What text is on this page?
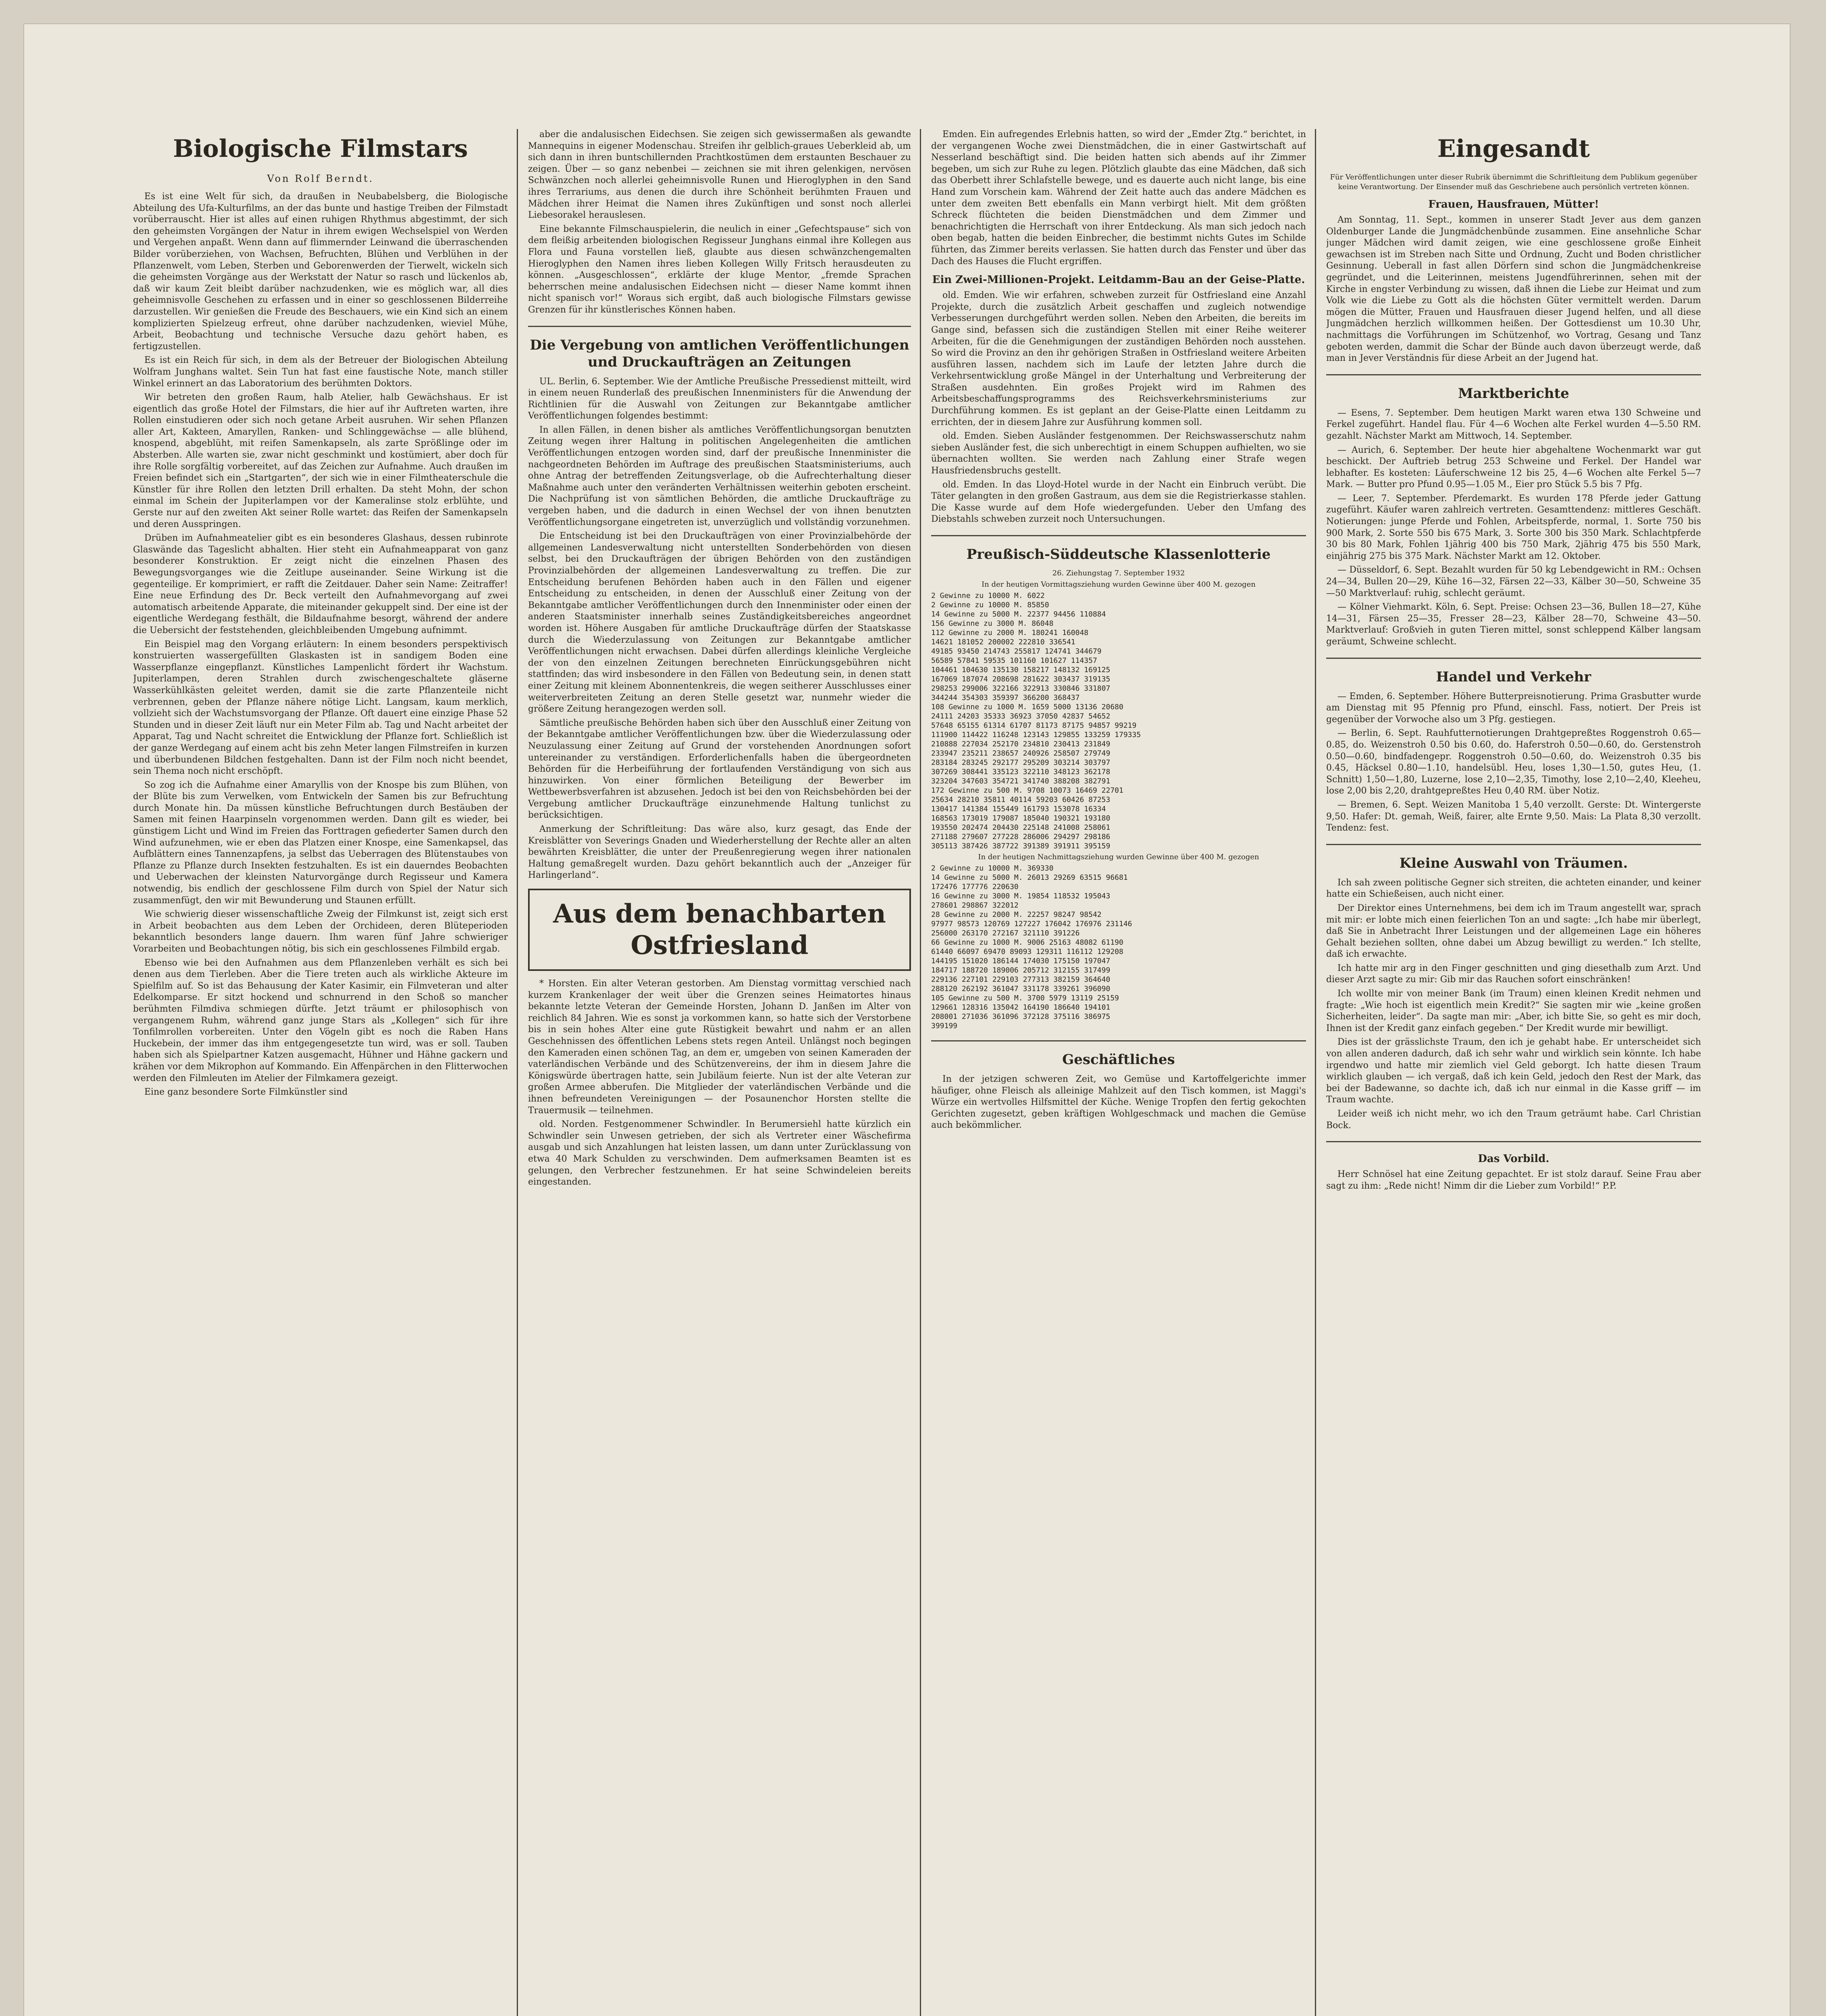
Biologische Filmstars
Von Rolf Berndt.

Es ist eine Welt für sich, da draußen in Neubabelsberg, die Biologische Abteilung des Ufa-Kulturfilms, an der das bunte und hastige Treiben der Filmstadt vorüberrauscht. Hier ist alles auf einen ruhigen Rhythmus abgestimmt, der sich den geheimsten Vorgängen der Natur in ihrem ewigen Wechselspiel von Werden und Vergehen anpaßt. Wenn dann auf flimmernder Leinwand die überraschenden Bilder vorüberziehen, von Wachsen, Befruchten, Blühen und Verblühen in der Pflanzenwelt, vom Leben, Sterben und Geborenwerden der Tierwelt, wickeln sich die geheimsten Vorgänge aus der Werkstatt der Natur so rasch und lückenlos ab, daß wir kaum Zeit bleibt darüber nachzudenken, wie es möglich war, all dies geheimnisvolle Geschehen zu erfassen und in einer so geschlossenen Bilderreihe darzustellen. Wir genießen die Freude des Beschauers, wie ein Kind sich an einem komplizierten Spielzeug erfreut, ohne darüber nachzudenken, wieviel Mühe, Arbeit, Beobachtung und technische Versuche dazu gehört haben, es fertigzustellen.

Es ist ein Reich für sich, in dem als der Betreuer der Biologischen Abteilung Wolfram Junghans waltet. Sein Tun hat fast eine faustische Note, manch stiller Winkel erinnert an das Laboratorium des berühmten Doktors.

Wir betreten den großen Raum, halb Atelier, halb Gewächshaus. Er ist eigentlich das große Hotel der Filmstars, die hier auf ihr Auftreten warten, ihre Rollen einstudieren oder sich noch getane Arbeit ausruhen. Wir sehen Pflanzen aller Art, Kakteen, Amaryllen, Ranken- und Schlinggewächse — alle blühend, knospend, abgeblüht, mit reifen Samenkapseln, als zarte Sprößlinge oder im Absterben. Alle warten sie, zwar nicht geschminkt und kostümiert, aber doch für ihre Rolle sorgfältig vorbereitet, auf das Zeichen zur Aufnahme. Auch draußen im Freien befindet sich ein „Startgarten“, der sich wie in einer Filmtheaterschule die Künstler für ihre Rollen den letzten Drill erhalten. Da steht Mohn, der schon einmal im Schein der Jupiterlampen vor der Kameralinse stolz erblühte, und Gerste nur auf den zweiten Akt seiner Rolle wartet: das Reifen der Samenkapseln und deren Ausspringen.

Drüben im Aufnahmeatelier gibt es ein besonderes Glashaus, dessen rubinrote Glaswände das Tageslicht abhalten. Hier steht ein Aufnahmeapparat von ganz besonderer Konstruktion. Er zeigt nicht die einzelnen Phasen des Bewegungsvorganges wie die Zeitlupe auseinander. Seine Wirkung ist die gegenteilige. Er komprimiert, er rafft die Zeitdauer. Daher sein Name: Zeitraffer! Eine neue Erfindung des Dr. Beck verteilt den Aufnahmevorgang auf zwei automatisch arbeitende Apparate, die miteinander gekuppelt sind. Der eine ist der eigentliche Werdegang festhält, die Bildaufnahme besorgt, während der andere die Uebersicht der feststehenden, gleichbleibenden Umgebung aufnimmt.

Ein Beispiel mag den Vorgang erläutern: In einem besonders perspektivisch konstruierten wassergefüllten Glaskasten ist in sandigem Boden eine Wasserpflanze eingepflanzt. Künstliches Lampenlicht fördert ihr Wachstum. Jupiterlampen, deren Strahlen durch zwischengeschaltete gläserne Wasserkühlkästen geleitet werden, damit sie die zarte Pflanzenteile nicht verbrennen, geben der Pflanze nähere nötige Licht. Langsam, kaum merklich, vollzieht sich der Wachstumsvorgang der Pflanze. Oft dauert eine einzige Phase 52 Stunden und in dieser Zeit läuft nur ein Meter Film ab. Tag und Nacht arbeitet der Apparat, Tag und Nacht schreitet die Entwicklung der Pflanze fort. Schließlich ist der ganze Werdegang auf einem acht bis zehn Meter langen Filmstreifen in kurzen und überbundenen Bildchen festgehalten. Dann ist der Film noch nicht beendet, sein Thema noch nicht erschöpft.

So zog ich die Aufnahme einer Amaryllis von der Knospe bis zum Blühen, von der Blüte bis zum Verwelken, vom Entwickeln der Samen bis zur Befruchtung durch Monate hin. Da müssen künstliche Befruchtungen durch Bestäuben der Samen mit feinen Haarpinseln vorgenommen werden. Dann gilt es wieder, bei günstigem Licht und Wind im Freien das Forttragen gefiederter Samen durch den Wind aufzunehmen, wie er eben das Platzen einer Knospe, eine Samenkapsel, das Aufblättern eines Tannenzapfens, ja selbst das Ueberragen des Blütenstaubes von Pflanze zu Pflanze durch Insekten festzuhalten. Es ist ein dauerndes Beobachten und Ueberwachen der kleinsten Naturvorgänge durch Regisseur und Kamera notwendig, bis endlich der geschlossene Film durch von Spiel der Natur sich zusammenfügt, den wir mit Bewunderung und Staunen erfüllt.

Wie schwierig dieser wissenschaftliche Zweig der Filmkunst ist, zeigt sich erst in Arbeit beobachten aus dem Leben der Orchideen, deren Blüteperioden bekanntlich besonders lange dauern. Ihm waren fünf Jahre schwieriger Vorarbeiten und Beobachtungen nötig, bis sich ein geschlossenes Filmbild ergab.

Ebenso wie bei den Aufnahmen aus dem Pflanzenleben verhält es sich bei denen aus dem Tierleben. Aber die Tiere treten auch als wirkliche Akteure im Spielfilm auf. So ist das Behausung der Kater Kasimir, ein Filmveteran und alter Edelkomparse. Er sitzt hockend und schnurrend in den Schoß so mancher berühmten Filmdiva schmiegen dürfte. Jetzt träumt er philosophisch von vergangenem Ruhm, während ganz junge Stars als „Kollegen“ sich für ihre Tonfilmrollen vorbereiten. Unter den Vögeln gibt es noch die Raben Hans Huckebein, der immer das ihm entgegengesetzte tun wird, was er soll. Tauben haben sich als Spielpartner Katzen ausgemacht, Hühner und Hähne gackern und krähen vor dem Mikrophon auf Kommando. Ein Affenpärchen in den Flitterwochen werden den Filmleuten im Atelier der Filmkamera gezeigt.

Eine ganz besondere Sorte Filmkünstler sind

aber die andalusischen Eidechsen. Sie zeigen sich gewissermaßen als gewandte Mannequins in eigener Modenschau. Streifen ihr gelblich-graues Ueberkleid ab, um sich dann in ihren buntschillernden Prachtkostümen dem erstaunten Beschauer zu zeigen. Über — so ganz nebenbei — zeichnen sie mit ihren gelenkigen, nervösen Schwänzchen noch allerlei geheimnisvolle Runen und Hieroglyphen in den Sand ihres Terrariums, aus denen die durch ihre Schönheit berühmten Frauen und Mädchen ihrer Heimat die Namen ihres Zukünftigen und sonst noch allerlei Liebesorakel herauslesen.

Eine bekannte Filmschauspielerin, die neulich in einer „Gefechtspause“ sich von dem fleißig arbeitenden biologischen Regisseur Junghans einmal ihre Kollegen aus Flora und Fauna vorstellen ließ, glaubte aus diesen schwänzchengemalten Hieroglyphen den Namen ihres lieben Kollegen Willy Fritsch herausdeuten zu können. „Ausgeschlossen“, erklärte der kluge Mentor, „fremde Sprachen beherrschen meine andalusischen Eidechsen nicht — dieser Name kommt ihnen nicht spanisch vor!“ Woraus sich ergibt, daß auch biologische Filmstars gewisse Grenzen für ihr künstlerisches Können haben.

Die Vergebung von amtlichen Veröffentlichungen und Druckaufträgen an Zeitungen

UL. Berlin, 6. September. Wie der Amtliche Preußische Pressedienst mitteilt, wird in einem neuen Runderlaß des preußischen Innenministers für die Anwendung der Richtlinien für die Auswahl von Zeitungen zur Bekanntgabe amtlicher Veröffentlichungen folgendes bestimmt:

In allen Fällen, in denen bisher als amtliches Veröffentlichungsorgan benutzten Zeitung wegen ihrer Haltung in politischen Angelegenheiten die amtlichen Veröffentlichungen entzogen worden sind, darf der preußische Innenminister die nachgeordneten Behörden im Auftrage des preußischen Staatsministeriums, auch ohne Antrag der betreffenden Zeitungsverlage, ob die Aufrechterhaltung dieser Maßnahme auch unter den veränderten Verhältnissen weiterhin geboten erscheint. Die Nachprüfung ist von sämtlichen Behörden, die amtliche Druckaufträge zu vergeben haben, und die dadurch in einen Wechsel der von ihnen benutzten Veröffentlichungsorgane eingetreten ist, unverzüglich und vollständig vorzunehmen.

Die Entscheidung ist bei den Druckaufträgen von einer Provinzialbehörde der allgemeinen Landesverwaltung nicht unterstellten Sonderbehörden von diesen selbst, bei den Druckaufträgen der übrigen Behörden von den zuständigen Provinzialbehörden der allgemeinen Landesverwaltung zu treffen. Die zur Entscheidung berufenen Behörden haben auch in den Fällen und eigener Entscheidung zu entscheiden, in denen der Ausschluß einer Zeitung von der Bekanntgabe amtlicher Veröffentlichungen durch den Innenminister oder einen der anderen Staatsminister innerhalb seines Zuständigkeitsbereiches angeordnet worden ist. Höhere Ausgaben für amtliche Druckaufträge dürfen der Staatskasse durch die Wiederzulassung von Zeitungen zur Bekanntgabe amtlicher Veröffentlichungen nicht erwachsen. Dabei dürfen allerdings kleinliche Vergleiche der von den einzelnen Zeitungen berechneten Einrückungsgebühren nicht stattfinden; das wird insbesondere in den Fällen von Bedeutung sein, in denen statt einer Zeitung mit kleinem Abonnentenkreis, die wegen seitherer Ausschlusses einer weiterverbreiteten Zeitung an deren Stelle gesetzt war, nunmehr wieder die größere Zeitung herangezogen werden soll.

Sämtliche preußische Behörden haben sich über den Ausschluß einer Zeitung von der Bekanntgabe amtlicher Veröffentlichungen bzw. über die Wiederzulassung oder Neuzulassung einer Zeitung auf Grund der vorstehenden Anordnungen sofort untereinander zu verständigen. Erforderlichenfalls haben die übergeordneten Behörden für die Herbeiführung der fortlaufenden Verständigung von sich aus hinzuwirken. Von einer förmlichen Beteiligung der Bewerber im Wettbewerbsverfahren ist abzusehen. Jedoch ist bei den von Reichsbehörden bei der Vergebung amtlicher Druckaufträge einzunehmende Haltung tunlichst zu berücksichtigen.

Anmerkung der Schriftleitung: Das wäre also, kurz gesagt, das Ende der Kreisblätter von Severings Gnaden und Wiederherstellung der Rechte aller an alten bewährten Kreisblätter, die unter der Preußenregierung wegen ihrer nationalen Haltung gemaßregelt wurden. Dazu gehört bekanntlich auch der „Anzeiger für Harlingerland“.

Aus dem benachbarten Ostfriesland

* Horsten. Ein alter Veteran gestorben. Am Dienstag vormittag verschied nach kurzem Krankenlager der weit über die Grenzen seines Heimatortes hinaus bekannte letzte Veteran der Gemeinde Horsten, Johann D. Janßen im Alter von reichlich 84 Jahren. Wie es sonst ja vorkommen kann, so hatte sich der Verstorbene bis in sein hohes Alter eine gute Rüstigkeit bewahrt und nahm er an allen Geschehnissen des öffentlichen Lebens stets regen Anteil. Unlängst noch begingen den Kameraden einen schönen Tag, an dem er, umgeben von seinen Kameraden der vaterländischen Verbände und des Schützenvereins, der ihm in diesem Jahre die Königswürde übertragen hatte, sein Jubiläum feierte. Nun ist der alte Veteran zur großen Armee abberufen. Die Mitglieder der vaterländischen Verbände und die ihnen befreundeten Vereinigungen — der Posaunenchor Horsten stellte die Trauermusik — teilnehmen.

old. Norden. Festgenommener Schwindler. In Berumersiehl hatte kürzlich ein Schwindler sein Unwesen getrieben, der sich als Vertreter einer Wäschefirma ausgab und sich Anzahlungen hat leisten lassen, um dann unter Zurücklassung von etwa 40 Mark Schulden zu verschwinden. Dem aufmerksamen Beamten ist es gelungen, den Verbrecher festzunehmen. Er hat seine Schwindeleien bereits eingestanden.

Emden. Ein aufregendes Erlebnis hatten, so wird der „Emder Ztg.“ berichtet, in der vergangenen Woche zwei Dienstmädchen, die in einer Gastwirtschaft auf Nesserland beschäftigt sind. Die beiden hatten sich abends auf ihr Zimmer begeben, um sich zur Ruhe zu legen. Plötzlich glaubte das eine Mädchen, daß sich das Oberbett ihrer Schlafstelle bewege, und es dauerte auch nicht lange, bis eine Hand zum Vorschein kam. Während der Zeit hatte auch das andere Mädchen es unter dem zweiten Bett ebenfalls ein Mann verbirgt hielt. Mit dem größten Schreck flüchteten die beiden Dienstmädchen und dem Zimmer und benachrichtigten die Herrschaft von ihrer Entdeckung. Als man sich jedoch nach oben begab, hatten die beiden Einbrecher, die bestimmt nichts Gutes im Schilde führten, das Zimmer bereits verlassen. Sie hatten durch das Fenster und über das Dach des Hauses die Flucht ergriffen.

Ein Zwei-Millionen-Projekt. Leitdamm-Bau an der Geise-Platte.

old. Emden. Wie wir erfahren, schweben zurzeit für Ostfriesland eine Anzahl Projekte, durch die zusätzlich Arbeit geschaffen und zugleich notwendige Verbesserungen durchgeführt werden sollen. Neben den Arbeiten, die bereits im Gange sind, befassen sich die zuständigen Stellen mit einer Reihe weiterer Arbeiten, für die die Genehmigungen der zuständigen Behörden noch ausstehen. So wird die Provinz an den ihr gehörigen Straßen in Ostfriesland weitere Arbeiten ausführen lassen, nachdem sich im Laufe der letzten Jahre durch die Verkehrsentwicklung große Mängel in der Unterhaltung und Verbreiterung der Straßen ausdehnten. Ein großes Projekt wird im Rahmen des Arbeitsbeschaffungsprogramms des Reichsverkehrsministeriums zur Durchführung kommen. Es ist geplant an der Geise-Platte einen Leitdamm zu errichten, der in diesem Jahre zur Ausführung kommen soll.

old. Emden. Sieben Ausländer festgenommen. Der Reichswasserschutz nahm sieben Ausländer fest, die sich unberechtigt in einem Schuppen aufhielten, wo sie übernachten wollten. Sie werden nach Zahlung einer Strafe wegen Hausfriedensbruchs gestellt.

old. Emden. In das Lloyd-Hotel wurde in der Nacht ein Einbruch verübt. Die Täter gelangten in den großen Gastraum, aus dem sie die Registrierkasse stahlen. Die Kasse wurde auf dem Hofe wiedergefunden. Ueber den Umfang des Diebstahls schweben zurzeit noch Untersuchungen.

Preußisch-Süddeutsche Klassenlotterie
26. Ziehungstag 7. September 1932
In der heutigen Vormittagsziehung wurden Gewinne über 400 M. gezogen
2 Gewinne zu 10000 M. 6022
2 Gewinne zu 10000 M. 85850
14 Gewinne zu 5000 M. 22377 94456 110884
156 Gewinne zu 3000 M. 86048
112 Gewinne zu 2000 M. 180241 160048
14621 181052 200002 222810 336541
49185 93450 214743 255817 124741 344679
56589 57841 59535 101160 101627 114357
104461 104630 135130 158217 148132 169125
167069 187074 208698 281622 303437 319135
298253 299006 322166 322913 330846 331807
344244 354303 359397 366200 368437
108 Gewinne zu 1000 M. 1659 5000 13136 20680
24111 24203 35333 36923 37050 42837 54652
57648 65155 61314 61707 81173 87175 94857 99219
111900 114422 116248 123143 129855 133259 179335
210888 227034 252170 234810 230413 231849
233947 235211 238657 240926 258507 279749
283184 283245 292177 295209 303214 303797
307269 308441 335123 322110 348123 362178
323204 347603 354721 341740 388208 382791
172 Gewinne zu 500 M. 9708 10073 16469 22701
25634 28210 35811 40114 59203 60426 87253
130417 141384 155449 161793 153078 16334
168563 173019 179087 185040 190321 193180
193550 202474 204430 225148 241008 258061
271188 279607 277228 286006 294297 298186
305113 387426 387722 391389 391911 395159
In der heutigen Nachmittagsziehung wurden Gewinne über 400 M. gezogen
2 Gewinne zu 10000 M. 369330
14 Gewinne zu 5000 M. 26013 29269 63515 96681
172476 177776 220630
16 Gewinne zu 3000 M. 19854 118532 195043
278601 298867 322012
28 Gewinne zu 2000 M. 22257 98247 98542
97977 98573 120769 127227 176042 176976 231146
256000 263170 272167 321110 391226
66 Gewinne zu 1000 M. 9006 25163 48082 61190
61440 66097 69470 89093 129311 116112 129208
144195 151020 186144 174030 175150 197047
184717 188720 189006 205712 312155 317499
229136 227101 229103 277313 382159 364640
288120 262192 361047 331178 339261 396090
105 Gewinne zu 500 M. 3700 5979 13119 25159
129661 128316 135042 164190 186640 194101
208001 271036 361096 372128 375116 386975
399199
Geschäftliches

In der jetzigen schweren Zeit, wo Gemüse und Kartoffelgerichte immer häufiger, ohne Fleisch als alleinige Mahlzeit auf den Tisch kommen, ist Maggi's Würze ein wertvolles Hilfsmittel der Küche. Wenige Tropfen den fertig gekochten Gerichten zugesetzt, geben kräftigen Wohlgeschmack und machen die Gemüse auch bekömmlicher.

Eingesandt
Für Veröffentlichungen unter dieser Rubrik übernimmt die Schriftleitung dem Publikum gegenüber keine Verantwortung. Der Einsender muß das Geschriebene auch persönlich vertreten können.
Frauen, Hausfrauen, Mütter!

Am Sonntag, 11. Sept., kommen in unserer Stadt Jever aus dem ganzen Oldenburger Lande die Jungmädchenbünde zusammen. Eine ansehnliche Schar junger Mädchen wird damit zeigen, wie eine geschlossene große Einheit gewachsen ist im Streben nach Sitte und Ordnung, Zucht und Boden christlicher Gesinnung. Ueberall in fast allen Dörfern sind schon die Jungmädchenkreise gegründet, und die Leiterinnen, meistens Jugendführerinnen, sehen mit der Kirche in engster Verbindung zu wissen, daß ihnen die Liebe zur Heimat und zum Volk wie die Liebe zu Gott als die höchsten Güter vermittelt werden. Darum mögen die Mütter, Frauen und Hausfrauen dieser Jugend helfen, und all diese Jungmädchen herzlich willkommen heißen. Der Gottesdienst um 10.30 Uhr, nachmittags die Vorführungen im Schützenhof, wo Vortrag, Gesang und Tanz geboten werden, dammit die Schar der Bünde auch davon überzeugt werde, daß man in Jever Verständnis für diese Arbeit an der Jugend hat.

Marktberichte

— Esens, 7. September. Dem heutigen Markt waren etwa 130 Schweine und Ferkel zugeführt. Handel flau. Für 4—6 Wochen alte Ferkel wurden 4—5.50 RM. gezahlt. Nächster Markt am Mittwoch, 14. September.

— Aurich, 6. September. Der heute hier abgehaltene Wochenmarkt war gut beschickt. Der Auftrieb betrug 253 Schweine und Ferkel. Der Handel war lebhafter. Es kosteten: Läuferschweine 12 bis 25, 4—6 Wochen alte Ferkel 5—7 Mark. — Butter pro Pfund 0.95—1.05 M., Eier pro Stück 5.5 bis 7 Pfg.

— Leer, 7. September. Pferdemarkt. Es wurden 178 Pferde jeder Gattung zugeführt. Käufer waren zahlreich vertreten. Gesamttendenz: mittleres Geschäft. Notierungen: junge Pferde und Fohlen, Arbeitspferde, normal, 1. Sorte 750 bis 900 Mark, 2. Sorte 550 bis 675 Mark, 3. Sorte 300 bis 350 Mark. Schlachtpferde 30 bis 80 Mark, Fohlen 1jährig 400 bis 750 Mark, 2jährig 475 bis 550 Mark, einjährig 275 bis 375 Mark. Nächster Markt am 12. Oktober.

— Düsseldorf, 6. Sept. Bezahlt wurden für 50 kg Lebendgewicht in RM.: Ochsen 24—34, Bullen 20—29, Kühe 16—32, Färsen 22—33, Kälber 30—50, Schweine 35—50 Marktverlauf: ruhig, schlecht geräumt.

— Kölner Viehmarkt. Köln, 6. Sept. Preise: Ochsen 23—36, Bullen 18—27, Kühe 14—31, Färsen 25—35, Fresser 28—23, Kälber 28—70, Schweine 43—50. Marktverlauf: Großvieh in guten Tieren mittel, sonst schleppend Kälber langsam geräumt, Schweine schlecht.

Handel und Verkehr

— Emden, 6. September. Höhere Butterpreisnotierung. Prima Grasbutter wurde am Dienstag mit 95 Pfennig pro Pfund, einschl. Fass, notiert. Der Preis ist gegenüber der Vorwoche also um 3 Pfg. gestiegen.

— Berlin, 6. Sept. Rauhfutternotierungen Drahtgepreßtes Roggenstroh 0.65—0.85, do. Weizenstroh 0.50 bis 0.60, do. Haferstroh 0.50—0.60, do. Gerstenstroh 0.50—0.60, bindfadengepr. Roggenstroh 0.50—0.60, do. Weizenstroh 0.35 bis 0.45, Häcksel 0.80—1.10, handelsübl. Heu, loses 1,30—1.50, gutes Heu, (1. Schnitt) 1,50—1,80, Luzerne, lose 2,10—2,35, Timothy, lose 2,10—2,40, Kleeheu, lose 2,00 bis 2,20, drahtgepreßtes Heu 0,40 RM. über Notiz.

— Bremen, 6. Sept. Weizen Manitoba 1 5,40 verzollt. Gerste: Dt. Wintergerste 9,50. Hafer: Dt. gemah, Weiß, fairer, alte Ernte 9,50. Mais: La Plata 8,30 verzollt. Tendenz: fest.

Kleine Auswahl von Träumen.

Ich sah zween politische Gegner sich streiten, die achteten einander, und keiner hatte ein Schießeisen, auch nicht einer.

Der Direktor eines Unternehmens, bei dem ich im Traum angestellt war, sprach mit mir: er lobte mich einen feierlichen Ton an und sagte: „Ich habe mir überlegt, daß Sie in Anbetracht Ihrer Leistungen und der allgemeinen Lage ein höheres Gehalt beziehen sollten, ohne dabei um Abzug bewilligt zu werden.“ Ich stellte, daß ich erwachte.

Ich hatte mir arg in den Finger geschnitten und ging diesethalb zum Arzt. Und dieser Arzt sagte zu mir: Gib mir das Rauchen sofort einschränken!

Ich wollte mir von meiner Bank (im Traum) einen kleinen Kredit nehmen und fragte: „Wie hoch ist eigentlich mein Kredit?“ Sie sagten mir wie „keine großen Sicherheiten, leider“. Da sagte man mir: „Aber, ich bitte Sie, so geht es mir doch, Ihnen ist der Kredit ganz einfach gegeben.“ Der Kredit wurde mir bewilligt.

Dies ist der grässlichste Traum, den ich je gehabt habe. Er unterscheidet sich von allen anderen dadurch, daß ich sehr wahr und wirklich sein könnte. Ich habe irgendwo und hatte mir ziemlich viel Geld geborgt. Ich hatte diesen Traum wirklich glauben — ich vergaß, daß ich kein Geld, jedoch den Rest der Mark, das bei der Badewanne, so dachte ich, daß ich nur einmal in die Kasse griff — im Traum wachte.

Leider weiß ich nicht mehr, wo ich den Traum geträumt habe. Carl Christian Bock.

Das Vorbild.

Herr Schnösel hat eine Zeitung gepachtet. Er ist stolz darauf. Seine Frau aber sagt zu ihm: „Rede nicht! Nimm dir die Lieber zum Vorbild!“ P.P.
